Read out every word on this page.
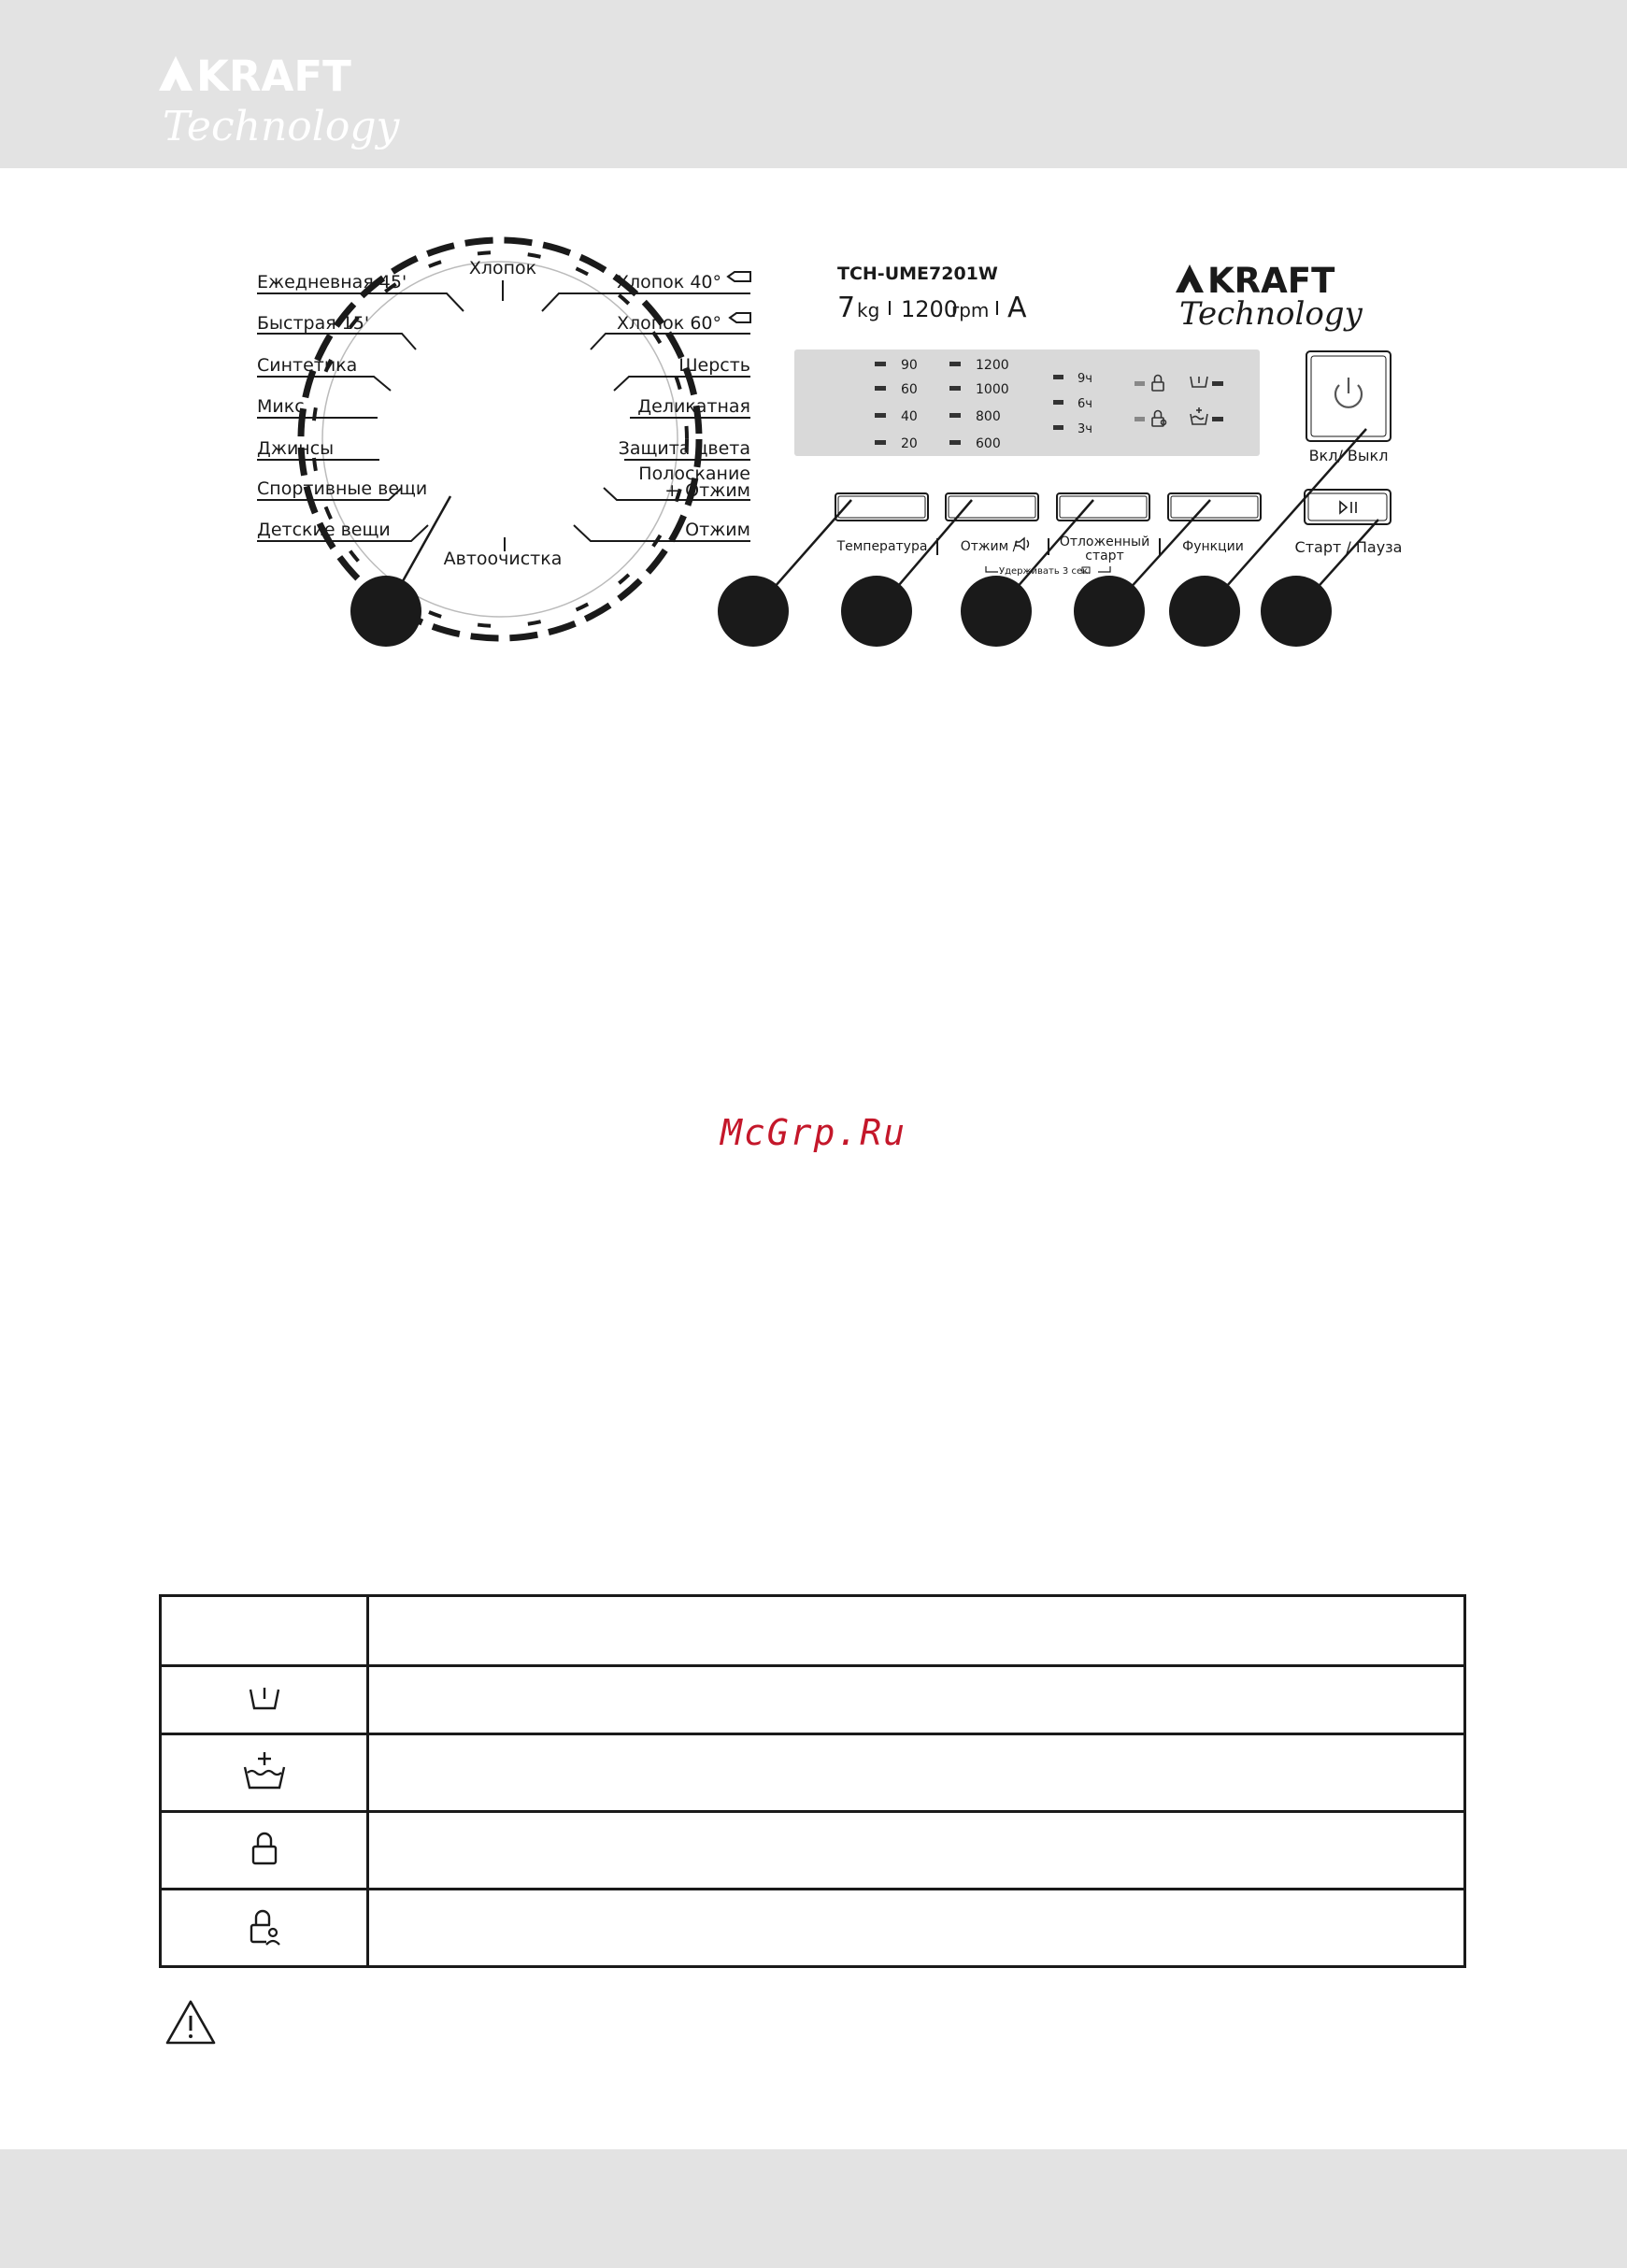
KRAFT
Technology
Хлопок
Автоочистка
Ежедневная 45'
Быстрая 15'
Синтетика
Микс
Джинсы
Спортивные вещи
Детские вещи
Хлопок 40°
Хлопок 60°
Шерсть
Деликатная
Защита цвета
Полоскание
+ Отжим
Отжим
TCH-UME7201W
7 kg 1200
rpm A
KRAFT
Technology
90
60
40
20
1200
1000
800
600
9ч
6ч
3ч
Температура	Отжим /	Отложенный
старт
Функции
Вкл/ Выкл
Старт / Пауза
Удерживать 3 сек.
McGrp.Ru
